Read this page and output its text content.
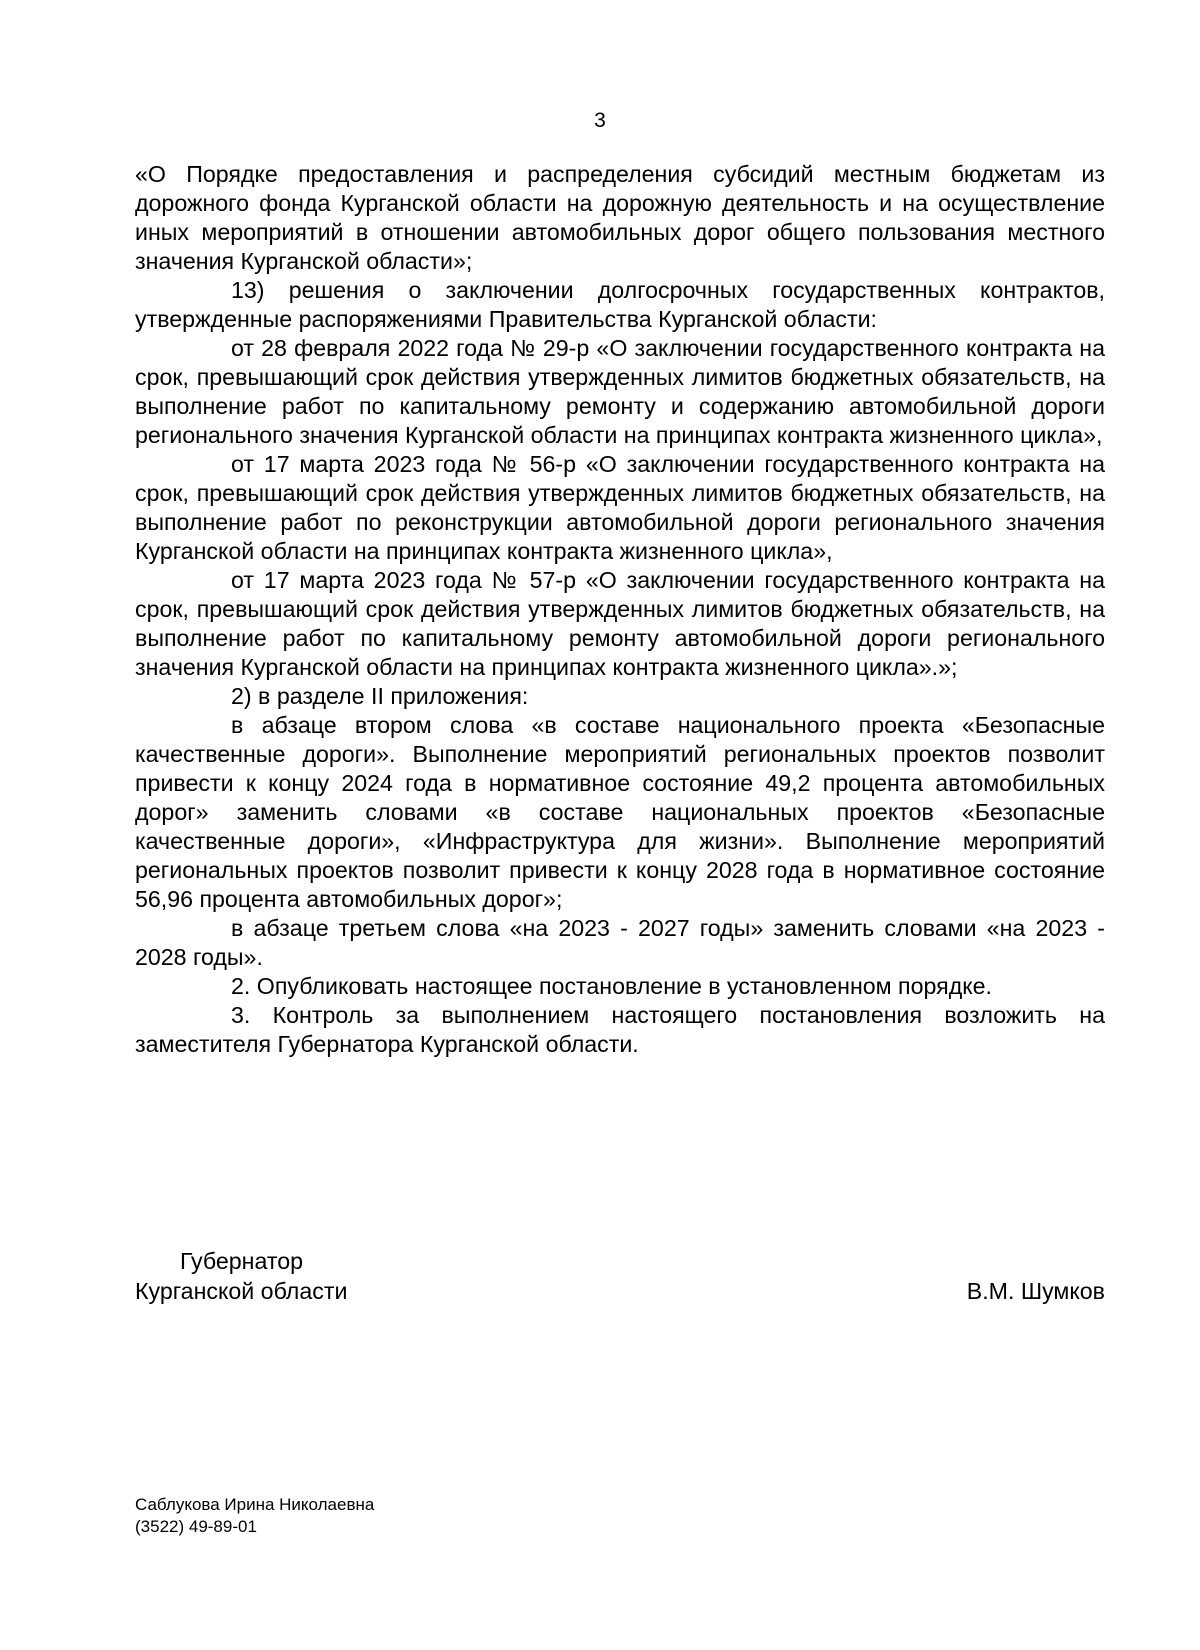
3

«О Порядке предоставления и распределения субсидий местным бюджетам из дорожного фонда Курганской области на дорожную деятельность и на осуществление иных мероприятий в отношении автомобильных дорог общего пользования местного значения Курганской области»;

13) решения о заключении долгосрочных государственных контрактов, утвержденные распоряжениями Правительства Курганской области:

от 28 февраля 2022 года № 29-р «О заключении государственного контракта на срок, превышающий срок действия утвержденных лимитов бюджетных обязательств, на выполнение работ по капитальному ремонту и содержанию автомобильной дороги регионального значения Курганской области на принципах контракта жизненного цикла»,

от 17 марта 2023 года № 56-р «О заключении государственного контракта на срок, превышающий срок действия утвержденных лимитов бюджетных обязательств, на выполнение работ по реконструкции автомобильной дороги регионального значения Курганской области на принципах контракта жизненного цикла»,

от 17 марта 2023 года № 57-р «О заключении государственного контракта на срок, превышающий срок действия утвержденных лимитов бюджетных обязательств, на выполнение работ по капитальному ремонту автомобильной дороги регионального значения Курганской области на принципах контракта жизненного цикла».»;

2) в разделе II приложения:

в абзаце втором слова «в составе национального проекта «Безопасные качественные дороги». Выполнение мероприятий региональных проектов позволит привести к концу 2024 года в нормативное состояние 49,2 процента автомобильных дорог» заменить словами «в составе национальных проектов «Безопасные качественные дороги», «Инфраструктура для жизни». Выполнение мероприятий региональных проектов позволит привести к концу 2028 года в нормативное состояние 56,96 процента автомобильных дорог»;

в абзаце третьем слова «на 2023 - 2027 годы» заменить словами «на 2023 - 2028 годы».

2. Опубликовать настоящее постановление в установленном порядке.

3. Контроль за выполнением настоящего постановления возложить на заместителя Губернатора Курганской области.

Губернатор
Курганской области	В.М. Шумков
Саблукова Ирина Николаевна
(3522) 49-89-01
